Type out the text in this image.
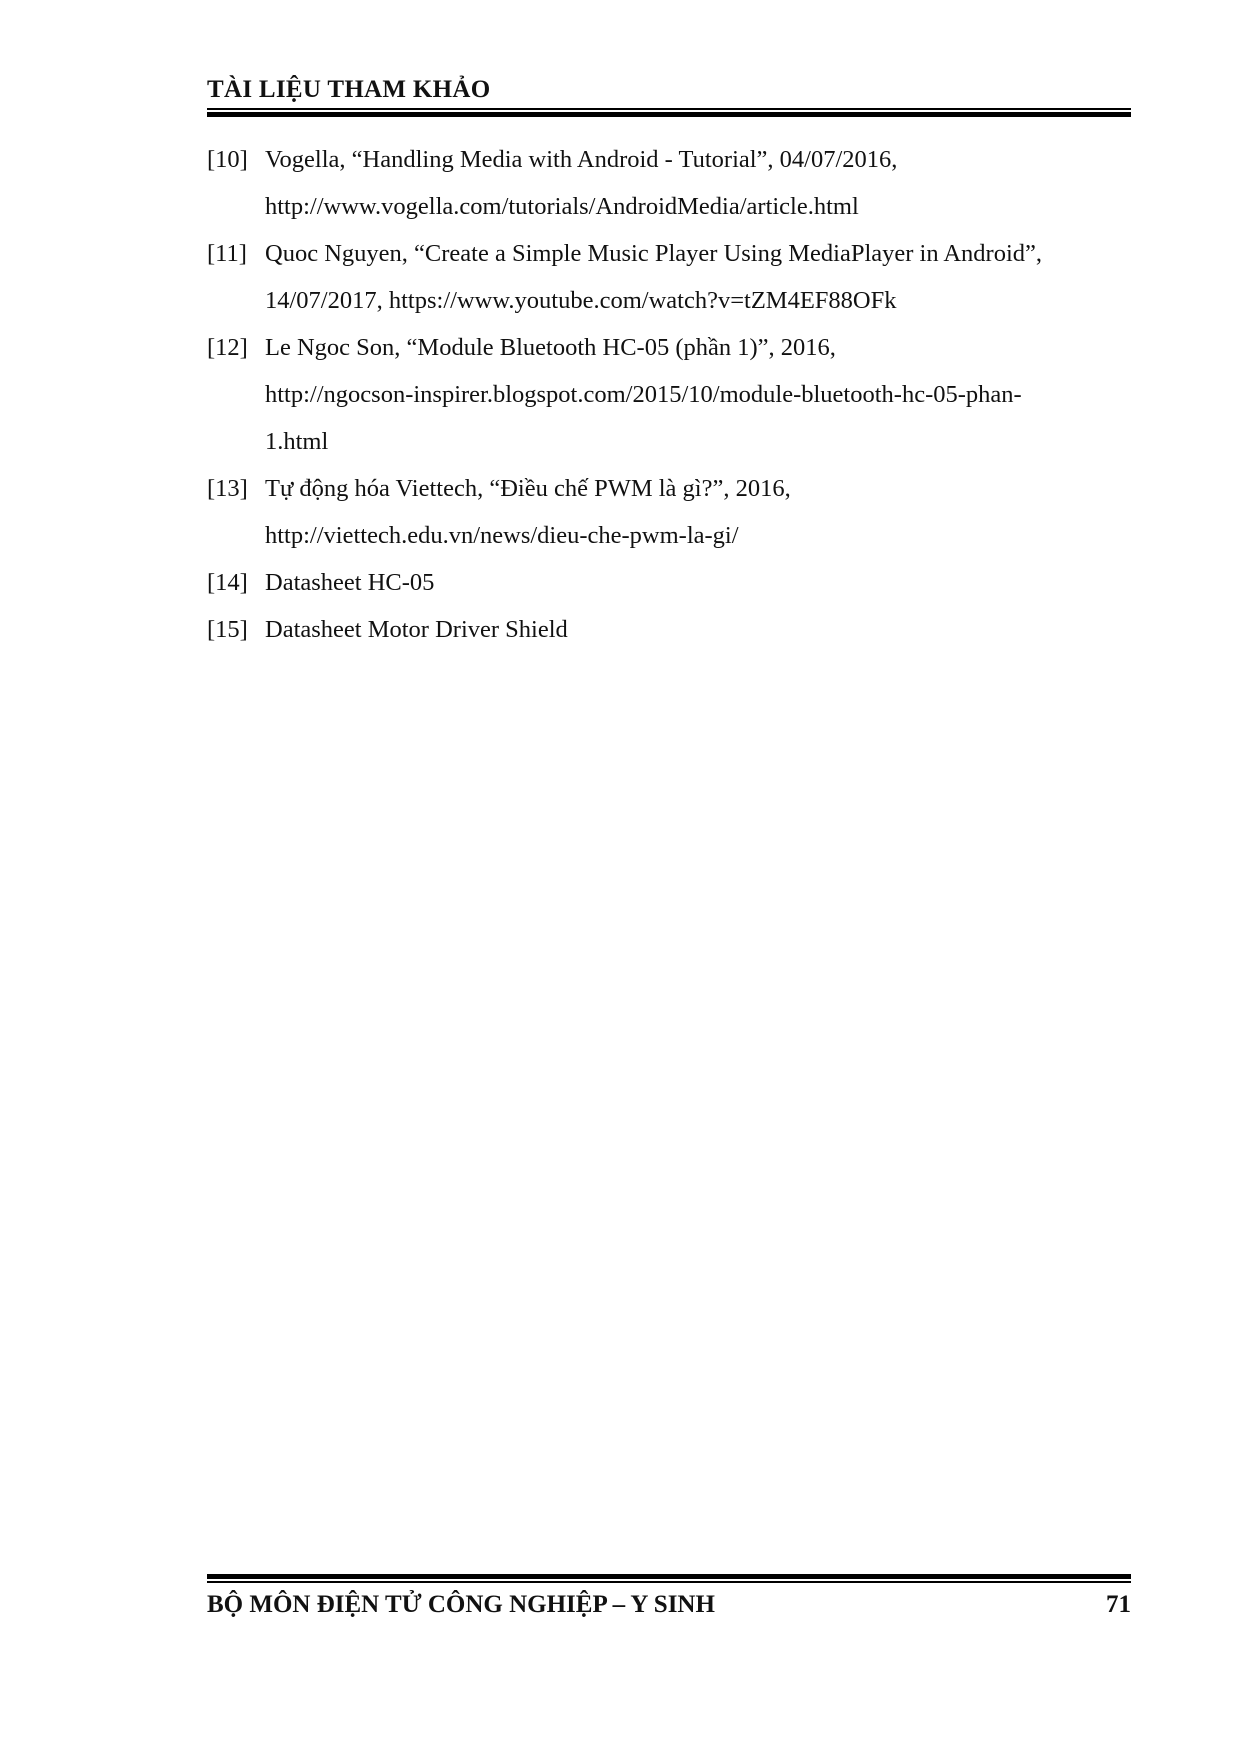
TÀI LIỆU THAM KHẢO
[10] Vogella, “Handling Media with Android - Tutorial”, 04/07/2016,
http://www.vogella.com/tutorials/AndroidMedia/article.html
[11] Quoc Nguyen, “Create a Simple Music Player Using MediaPlayer in Android”,
14/07/2017, https://www.youtube.com/watch?v=tZM4EF88OFk
[12] Le Ngoc Son, “Module Bluetooth HC-05 (phần 1)”, 2016,
http://ngocson-inspirer.blogspot.com/2015/10/module-bluetooth-hc-05-phan-
1.html
[13] Tự động hóa Viettech, “Điều chế PWM là gì?”, 2016,
http://viettech.edu.vn/news/dieu-che-pwm-la-gi/
[14] Datasheet HC-05
[15] Datasheet Motor Driver Shield
BỘ MÔN ĐIỆN TỬ CÔNG NGHIỆP – Y SINH	71
